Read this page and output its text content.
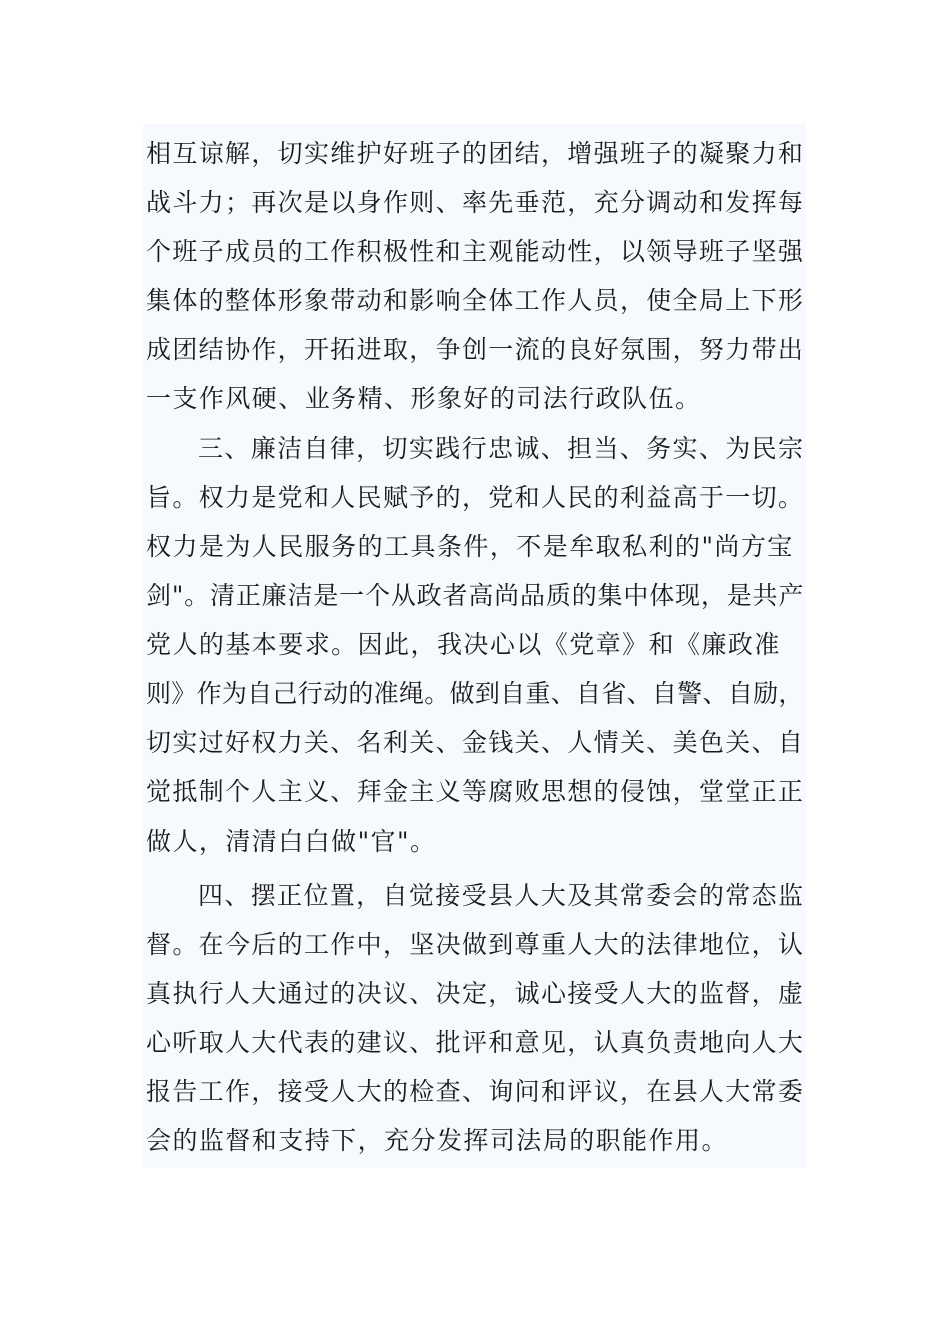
相互谅解，切实维护好班子的团结，增强班子的凝聚力和
战斗力；再次是以身作则、率先垂范，充分调动和发挥每
个班子成员的工作积极性和主观能动性，以领导班子坚强
集体的整体形象带动和影响全体工作人员，使全局上下形
成团结协作，开拓进取，争创一流的良好氛围，努力带出
一支作风硬、业务精、形象好的司法行政队伍。
三、廉洁自律，切实践行忠诚、担当、务实、为民宗
旨。权力是党和人民赋予的，党和人民的利益高于一切。
权力是为人民服务的工具条件，不是牟取私利的"尚方宝
剑"。清正廉洁是一个从政者高尚品质的集中体现，是共产
党人的基本要求。因此，我决心以《党章》和《廉政准
则》作为自己行动的准绳。做到自重、自省、自警、自励，
切实过好权力关、名利关、金钱关、人情关、美色关、自
觉抵制个人主义、拜金主义等腐败思想的侵蚀，堂堂正正
做人，清清白白做"官"。
四、摆正位置，自觉接受县人大及其常委会的常态监
督。在今后的工作中，坚决做到尊重人大的法律地位，认
真执行人大通过的决议、决定，诚心接受人大的监督，虚
心听取人大代表的建议、批评和意见，认真负责地向人大
报告工作，接受人大的检查、询问和评议，在县人大常委
会的监督和支持下，充分发挥司法局的职能作用。
